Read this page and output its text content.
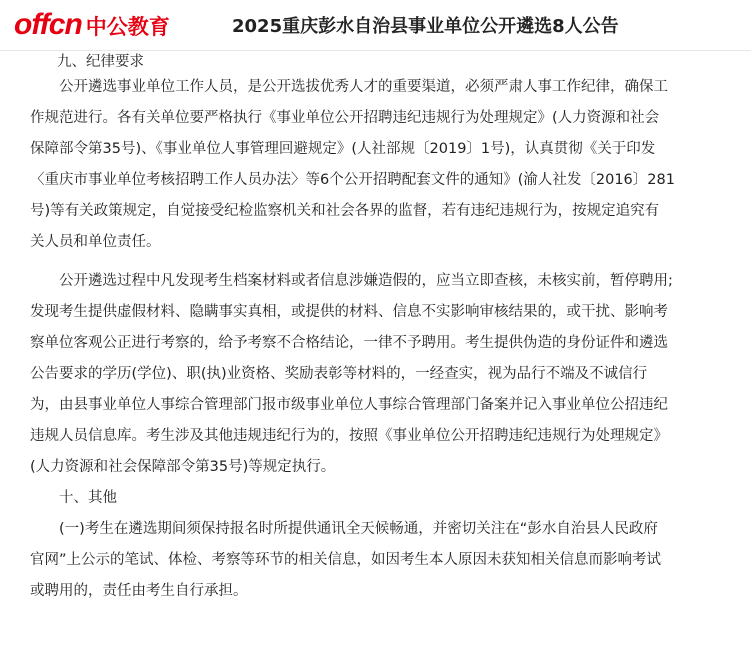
offcn 中公教育	2025重庆彭水自治县事业单位公开遴选8人公告
九、纪律要求
公开遴选事业单位工作人员，是公开选拔优秀人才的重要渠道，必须严肃人事工作纪律，确保工
作规范进行。各有关单位要严格执行《事业单位公开招聘违纪违规行为处理规定》(人力资源和社会
保障部令第35号)、《事业单位人事管理回避规定》(人社部规〔2019〕1号)，认真贯彻《关于印发
〈重庆市事业单位考核招聘工作人员办法〉等6个公开招聘配套文件的通知》(渝人社发〔2016〕281
号)等有关政策规定，自觉接受纪检监察机关和社会各界的监督，若有违纪违规行为，按规定追究有
关人员和单位责任。
公开遴选过程中凡发现考生档案材料或者信息涉嫌造假的，应当立即查核，未核实前，暂停聘用;
发现考生提供虚假材料、隐瞒事实真相，或提供的材料、信息不实影响审核结果的，或干扰、影响考
察单位客观公正进行考察的，给予考察不合格结论，一律不予聘用。考生提供伪造的身份证件和遴选
公告要求的学历(学位)、职(执)业资格、奖励表彰等材料的，一经查实，视为品行不端及不诚信行
为，由县事业单位人事综合管理部门报市级事业单位人事综合管理部门备案并记入事业单位公招违纪
违规人员信息库。考生涉及其他违规违纪行为的，按照《事业单位公开招聘违纪违规行为处理规定》
(人力资源和社会保障部令第35号)等规定执行。
十、其他
(一)考生在遴选期间须保持报名时所提供通讯全天候畅通，并密切关注在“彭水自治县人民政府
官网”上公示的笔试、体检、考察等环节的相关信息，如因考生本人原因未获知相关信息而影响考试
或聘用的，责任由考生自行承担。
